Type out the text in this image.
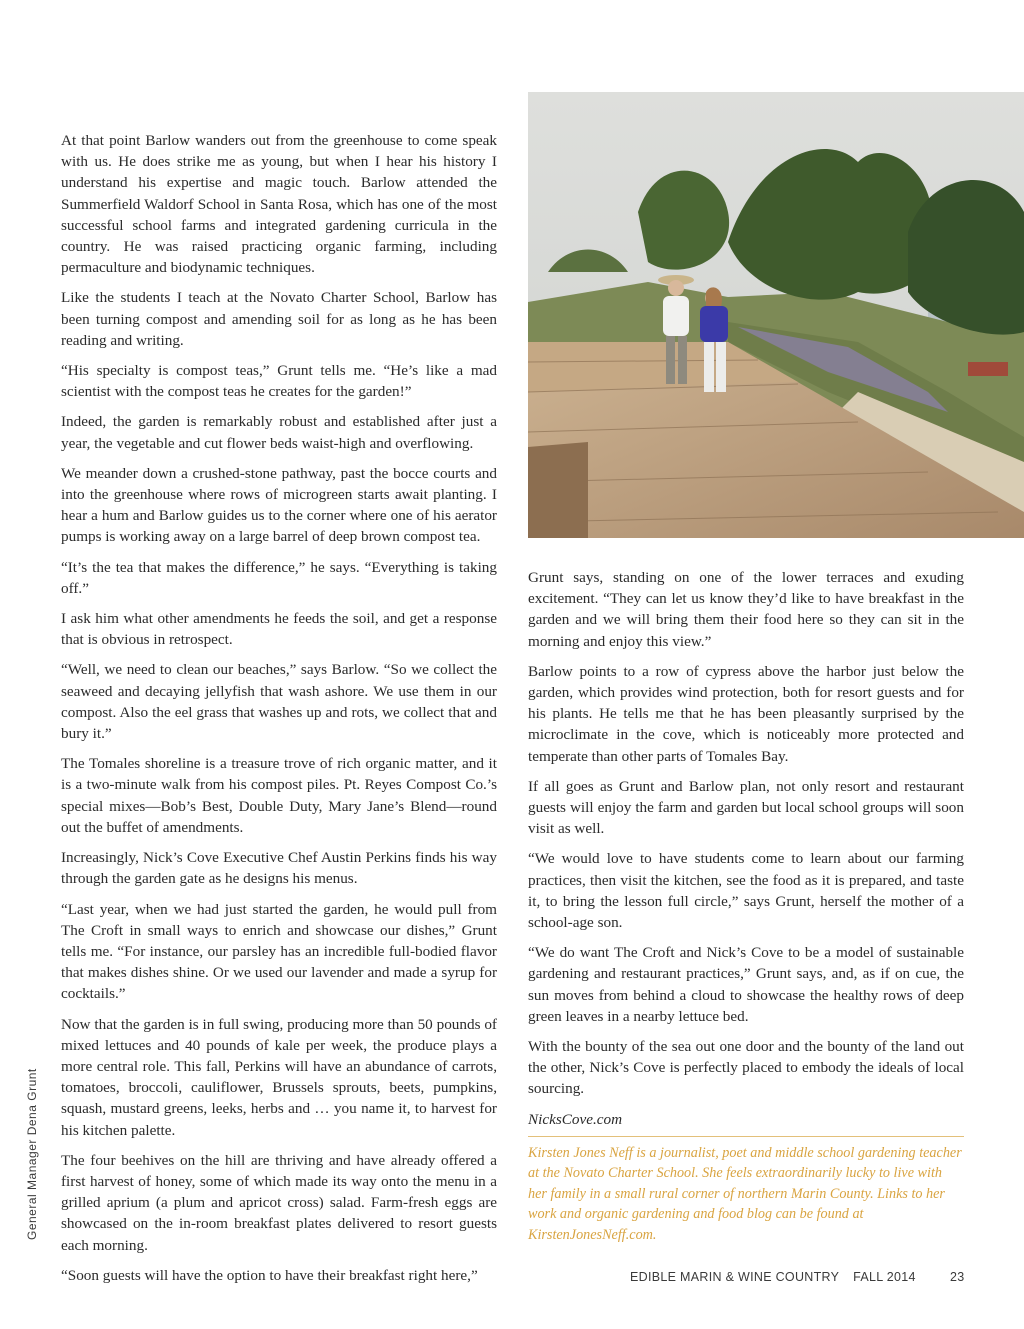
At that point Barlow wanders out from the greenhouse to come speak with us. He does strike me as young, but when I hear his history I understand his expertise and magic touch. Barlow attended the Summerfield Waldorf School in Santa Rosa, which has one of the most successful school farms and integrated gardening curricula in the country. He was raised practicing organic farming, including permaculture and biodynamic techniques.

Like the students I teach at the Novato Charter School, Barlow has been turning compost and amending soil for as long as he has been reading and writing.

“His specialty is compost teas,” Grunt tells me. “He’s like a mad scientist with the compost teas he creates for the garden!”

Indeed, the garden is remarkably robust and established after just a year, the vegetable and cut flower beds waist-high and overflowing.

We meander down a crushed-stone pathway, past the bocce courts and into the greenhouse where rows of microgreen starts await planting. I hear a hum and Barlow guides us to the corner where one of his aerator pumps is working away on a large barrel of deep brown compost tea.

“It’s the tea that makes the difference,” he says. “Everything is taking off.”

I ask him what other amendments he feeds the soil, and get a response that is obvious in retrospect.

“Well, we need to clean our beaches,” says Barlow. “So we collect the seaweed and decaying jellyfish that wash ashore. We use them in our compost. Also the eel grass that washes up and rots, we collect that and bury it.”

The Tomales shoreline is a treasure trove of rich organic matter, and it is a two-minute walk from his compost piles. Pt. Reyes Compost Co.’s special mixes—Bob’s Best, Double Duty, Mary Jane’s Blend—round out the buffet of amendments.

Increasingly, Nick’s Cove Executive Chef Austin Perkins finds his way through the garden gate as he designs his menus.

“Last year, when we had just started the garden, he would pull from The Croft in small ways to enrich and showcase our dishes,” Grunt tells me. “For instance, our parsley has an incredible full-bodied flavor that makes dishes shine. Or we used our lavender and made a syrup for cocktails.”

Now that the garden is in full swing, producing more than 50 pounds of mixed lettuces and 40 pounds of kale per week, the produce plays a more central role. This fall, Perkins will have an abundance of carrots, tomatoes, broccoli, cauliflower, Brussels sprouts, beets, pumpkins, squash, mustard greens, leeks, herbs and … you name it, to harvest for his kitchen palette.

The four beehives on the hill are thriving and have already offered a first harvest of honey, some of which made its way onto the menu in a grilled aprium (a plum and apricot cross) salad. Farm-fresh eggs are showcased on the in-room breakfast plates delivered to resort guests each morning.

“Soon guests will have the option to have their breakfast right here,”

Grunt says, standing on one of the lower terraces and exuding excitement. “They can let us know they’d like to have breakfast in the garden and we will bring them their food here so they can sit in the morning and enjoy this view.”

Barlow points to a row of cypress above the harbor just below the garden, which provides wind protection, both for resort guests and for his plants. He tells me that he has been pleasantly surprised by the microclimate in the cove, which is noticeably more protected and temperate than other parts of Tomales Bay.

If all goes as Grunt and Barlow plan, not only resort and restaurant guests will enjoy the farm and garden but local school groups will soon visit as well.

“We would love to have students come to learn about our farming practices, then visit the kitchen, see the food as it is prepared, and taste it, to bring the lesson full circle,” says Grunt, herself the mother of a school-age son.

“We do want The Croft and Nick’s Cove to be a model of sustainable gardening and restaurant practices,” Grunt says, and, as if on cue, the sun moves from behind a cloud to showcase the healthy rows of deep green leaves in a nearby lettuce bed.

With the bounty of the sea out one door and the bounty of the land out the other, Nick’s Cove is perfectly placed to embody the ideals of local sourcing.

NicksCove.com

Kirsten Jones Neff is a journalist, poet and middle school gardening teacher at the Novato Charter School. She feels extraordinarily lucky to live with her family in a small rural corner of northern Marin County. Links to her work and organic gardening and food blog can be found at KirstenJonesNeff.com.
General Manager Dena Grunt
EDIBLE MARIN & WINE COUNTRY FALL 2014	23
